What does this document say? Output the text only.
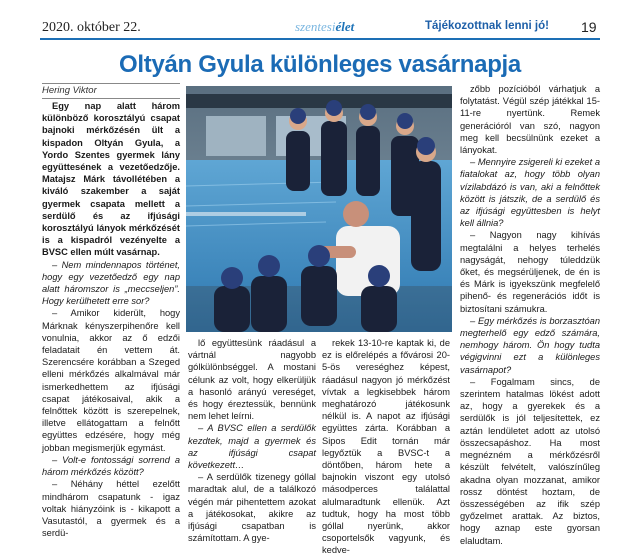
2020. október 22.	szentesiélet	Tájékozottnak lenni jó! 19
Oltyán Gyula különleges vasárnapja
Hering Viktor

Egy nap alatt három különböző korosztályú csapat bajnoki mérkőzésén ült a kispadon Oltyán Gyula, a Yordo Szentes gyermek lány együttesének a vezetőedzője. Matajsz Márk távollétében a kiváló szakember a saját gyermek csapata mellett a serdülő és az ifjúsági korosztályú lányok mérkőzését is a kispadról vezényelte a BVSC ellen múlt vasárnap.

– Nem mindennapos történet, hogy egy vezetőedző egy nap alatt háromszor is „meccseljen”. Hogy kerülhetett erre sor?

– Amikor kiderült, hogy Márknak kényszerpihenőre kell vonulnia, akkor az ő edzői feladatait én vettem át. Szerencsére korábban a Szeged elleni mérkőzés alkalmával már ismerkedhettem az ifjúsági csapat játékosaival, akik a felnőttek között is szerepelnek, illetve ellátogattam a felnőtt együttes edzésére, hogy még jobban megismerjük egymást.

– Volt-e fontossági sorrend a három mérkőzés között?

– Néhány héttel ezelőtt mindhárom csapatunk - igaz voltak hiányzóink is - kikapott a Vasutastól, a gyermek és a serdü-

lő együttesünk ráadásul a vártnál nagyobb gólkülönbséggel. A mostani célunk az volt, hogy elkerüljük a hasonló arányú vereséget, és hogy éreztessük, bennünk nem lehet leírni.

– A BVSC ellen a serdülők kezdtek, majd a gyermek és az ifjúsági csapat következett…

– A serdülők tizenegy góllal maradtak alul, de a találkozó végén már pihentettem azokat a játékosokat, akikre az ifjúsági csapatban is számítottam. A gye-

rekek 13-10-re kaptak ki, de ez is előrelépés a fővárosi 20-5-ös vereséghez képest, ráadásul nagyon jó mérkőzést vívtak a legkisebbek három meghatározó játékosunk nélkül is. A napot az ifjúsági együttes zárta. Korábban a Sipos Edit tornán már legyőztük a BVSC-t a döntőben, három hete a bajnokin viszont egy utolsó másodperces találattal alulmaradtunk ellenük. Azt tudtuk, hogy ha most több góllal nyerünk, akkor csoportelsők vagyunk, és kedve-

zőbb pozícióból várhatjuk a folytatást. Végül szép játékkal 15-11-re nyertünk. Remek generációról van szó, nagyon meg kell becsülnünk ezeket a lányokat.

– Mennyire zsigereli ki ezeket a fiatalokat az, hogy több olyan vízilabdázó is van, aki a felnőttek között is játszik, de a serdülő és az ifjúsági együttesben is helyt kell állnia?

– Nagyon nagy kihívás megtalálni a helyes terhelés nagyságát, nehogy túleddzük őket, és megsérüljenek, de én is és Márk is igyekszünk megfelelő pihenő- és regenerációs időt is biztosítani számukra.

– Egy mérkőzés is borzasztóan megterhelő egy edző számára, nemhogy három. Ön hogy tudta végigvinni ezt a különleges vasárnapot?

– Fogalmam sincs, de szerintem hatalmas lökést adott az, hogy a gyerekek és a serdülők is jól teljesítettek, ez aztán lendületet adott az utolsó összecsapáshoz. Ha most megnézném a mérkőzésről készült felvételt, valószínűleg akadna olyan mozzanat, amikor rossz döntést hoztam, de összességében az ifik szép győzelmet arattak. Az biztos, hogy aznap este gyorsan elaludtam.
